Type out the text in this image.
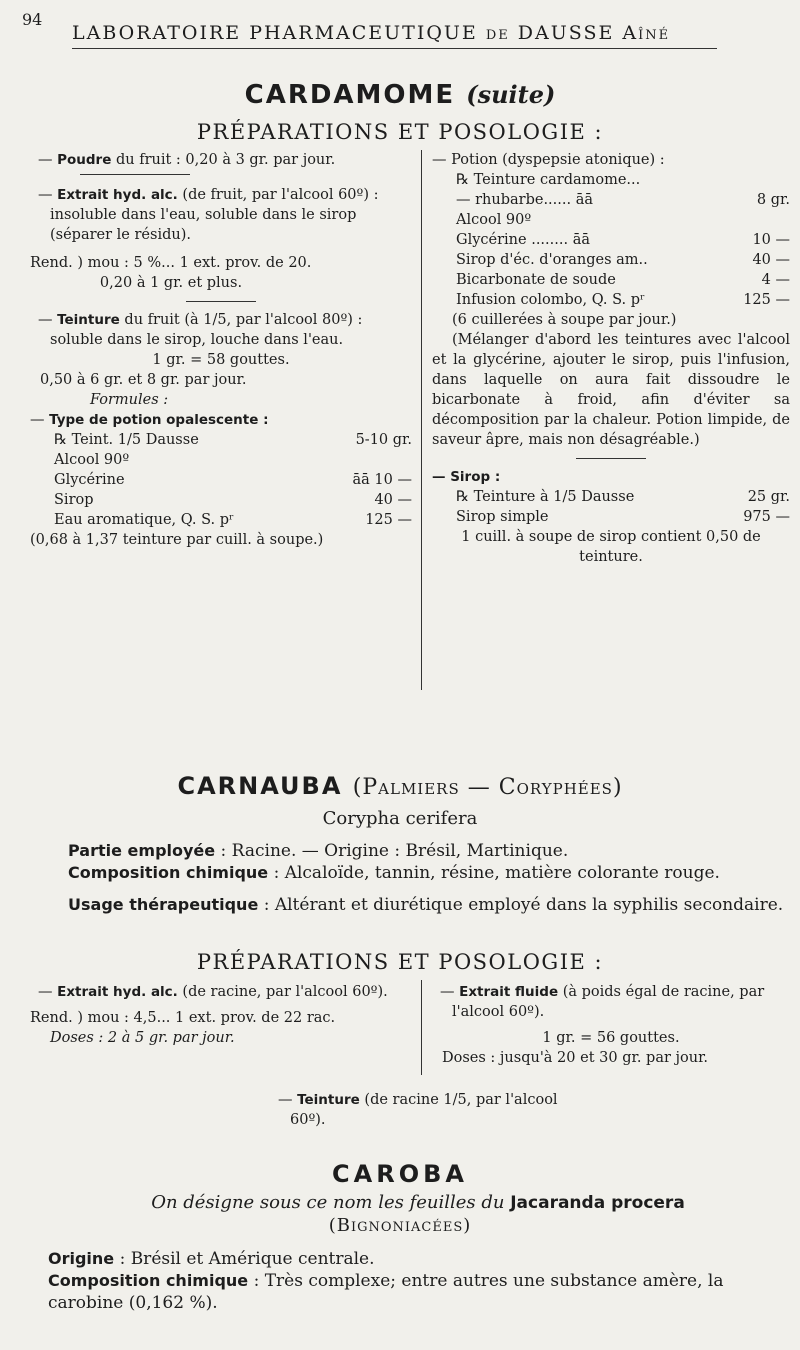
94
LABORATOIRE PHARMACEUTIQUE de DAUSSE Aîné
CARDAMOME (suite)
PRÉPARATIONS ET POSOLOGIE :

— Poudre du fruit : 0,20 à 3 gr. par jour.

— Extrait hyd. alc. (de fruit, par l'alcool 60º) : insoluble dans l'eau, soluble dans le sirop (séparer le résidu).

Rend. ) mou : 5 %... 1 ext. prov. de 20.

0,20 à 1 gr. et plus.

— Teinture du fruit (à 1/5, par l'alcool 80º) : soluble dans le sirop, louche dans l'eau.

1 gr. = 58 gouttes.

0,50 à 6 gr. et 8 gr. par jour.

Formules :

— Type de potion opalescente :

℞ Teint. 1/5 Dausse	5-10 gr.
Alcool 90º
Glycérine	āā 10 —
Sirop	40 —
Eau aromatique, Q. S. pʳ	125 —

(0,68 à 1,37 teinture par cuill. à soupe.)

— Potion (dyspepsie atonique) :

℞ Teinture cardamome...
— rhubarbe...... āā	8 gr.
Alcool 90º
Glycérine ........ āā	10 —
Sirop d'éc. d'oranges am..	40 —
Bicarbonate de soude	4 —
Infusion colombo, Q. S. pʳ	125 —

(6 cuillerées à soupe par jour.)

(Mélanger d'abord les teintures avec l'alcool et la glycérine, ajouter le sirop, puis l'infusion, dans laquelle on aura fait dissoudre le bicarbonate à froid, afin d'éviter sa décomposition par la chaleur. Potion limpide, de saveur âpre, mais non désagréable.)

— Sirop :

℞ Teinture à 1/5 Dausse	25 gr.
Sirop simple	975 —

1 cuill. à soupe de sirop contient 0,50 de teinture.

CARNAUBA (Palmiers — Coryphées)
Corypha cerifera

Partie employée : Racine. — Origine : Brésil, Martinique.

Composition chimique : Alcaloïde, tannin, résine, matière colorante rouge.

Usage thérapeutique : Altérant et diurétique employé dans la syphilis secondaire.

PRÉPARATIONS ET POSOLOGIE :

— Extrait hyd. alc. (de racine, par l'alcool 60º).

Rend. ) mou : 4,5... 1 ext. prov. de 22 rac.

Doses : 2 à 5 gr. par jour.

— Extrait fluide (à poids égal de racine, par l'alcool 60º).

1 gr. = 56 gouttes.

Doses : jusqu'à 20 et 30 gr. par jour.

— Teinture (de racine 1/5, par l'alcool 60º).

CAROBA
On désigne sous ce nom les feuilles du Jacaranda procera
(Bignoniacées)

Origine : Brésil et Amérique centrale.

Composition chimique : Très complexe; entre autres une substance amère, la carobine (0,162 %).
